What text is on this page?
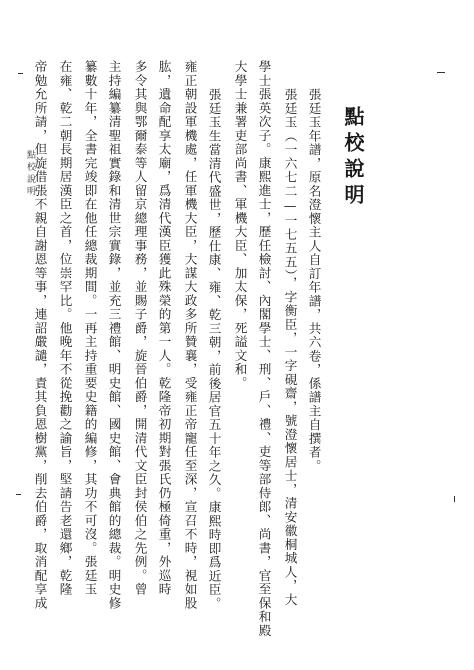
點校說明
張廷玉年譜，原名澄懷主人自訂年譜，共六卷，係譜主自撰者。
張廷玉（一六七二—一七五五），字衡臣，一字硯齋，號澄懷居士，清安徽桐城人，大
學士張英次子。康熙進士，歷任檢討、內閣學士、刑、戶、禮、吏等部侍郎、尚書，官至保和殿
大學士兼署吏部尚書、軍機大臣、加太保，死謚文和。
張廷玉生當清代盛世，歷仕康、雍、乾三朝，前後居官五十年之久。康熙時即爲近臣。
雍正朝設軍機處，任軍機大臣，大謀大政多所贊襄，受雍正帝寵任至深，宣召不時，視如股
肱，遺命配享太廟，爲清代漢臣獲此殊榮的第一人。乾隆帝初期對張氏仍極倚重，外巡時
多令其與鄂爾泰等人留京總理事務，並賜子爵，旋晉伯爵，開清代文臣封侯伯之先例。曾
主持編纂清聖祖實錄和清世宗實錄，並充三禮館、明史館、國史館、會典館的總裁。明史修
纂數十年，全書完竣即在他任總裁期間。一再主持重要史籍的編修，其功不可沒。張廷玉
在雍、乾二朝長期居漢臣之首，位崇罕比。他晚年不從挽勸之諭旨，堅請告老還鄉，乾隆
帝勉允所請，但旋借張不親自謝恩等事，連詔嚴譴，責其負恩樹黨，削去伯爵，取消配享成
點校說明
